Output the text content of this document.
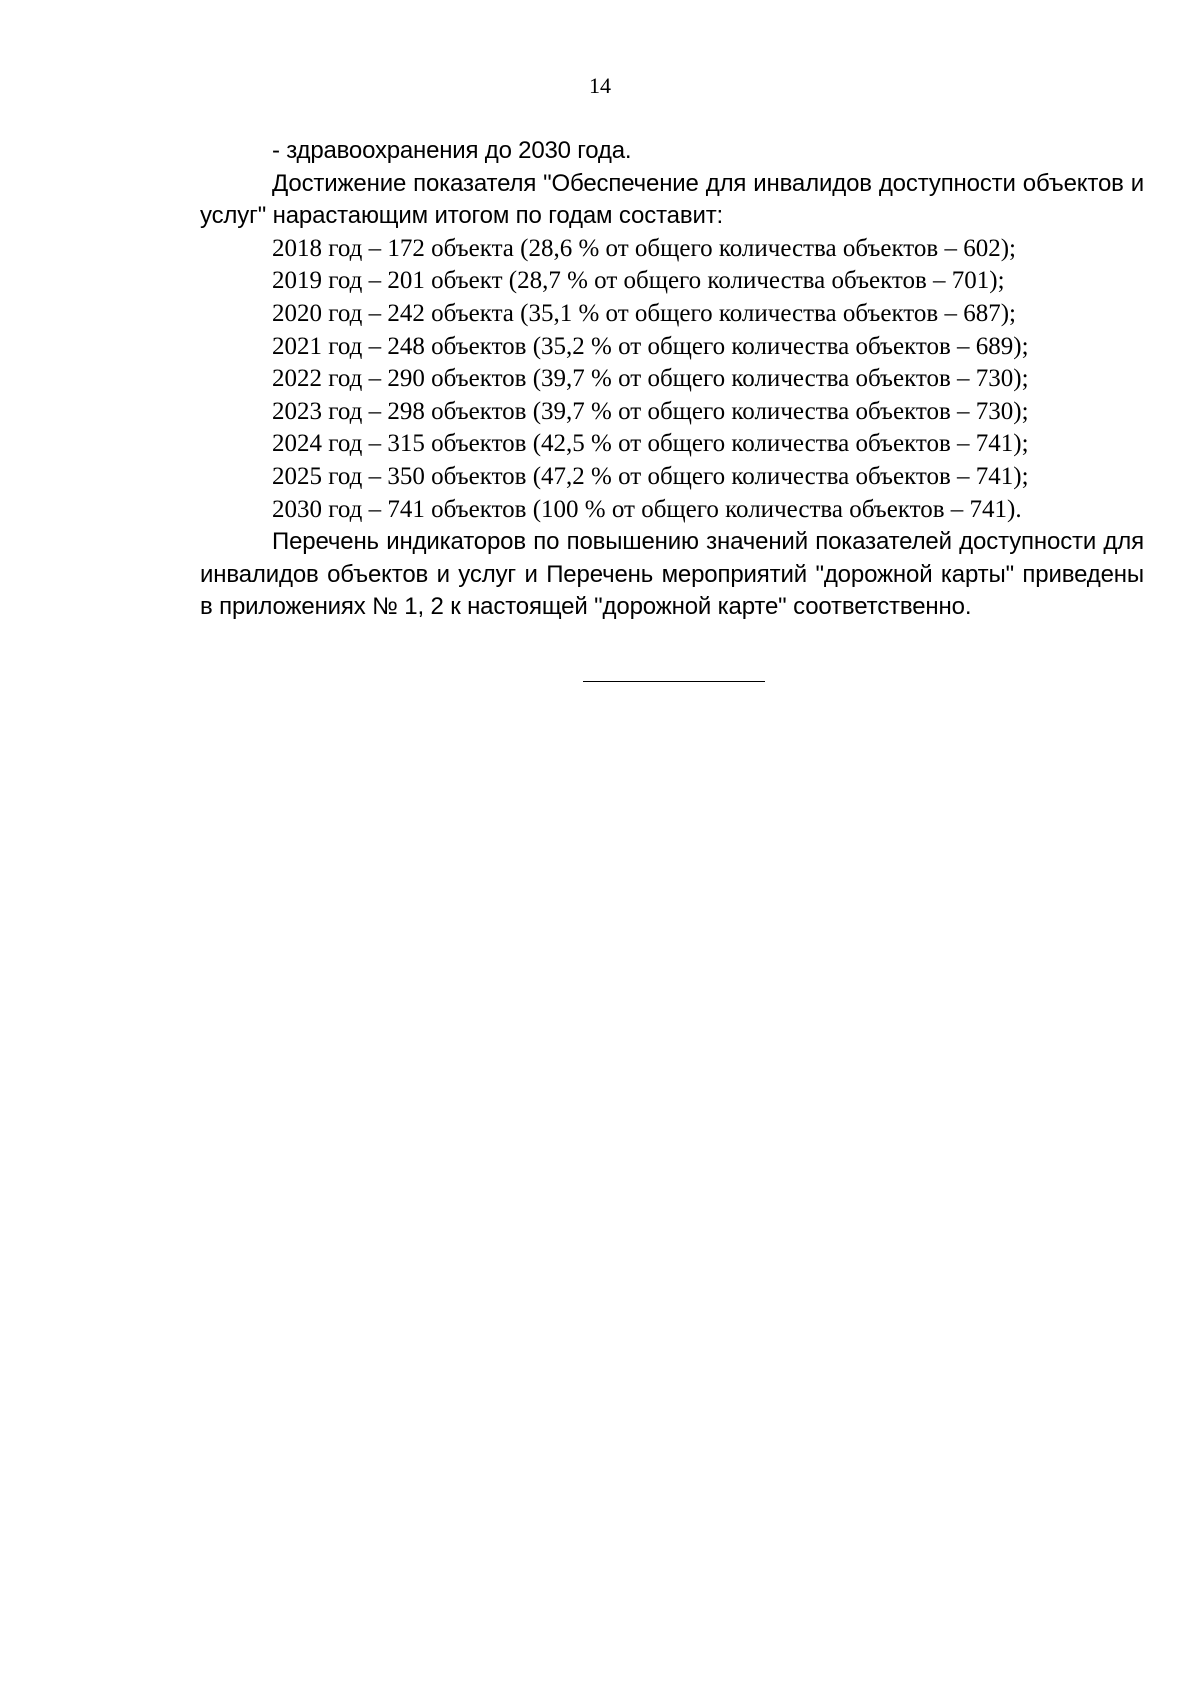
14

- здравоохранения до 2030 года.

Достижение показателя "Обеспечение для инвалидов доступности объектов и услуг" нарастающим итогом по годам составит:

2018 год – 172 объекта (28,6 % от общего количества объектов – 602);

2019 год – 201 объект (28,7 % от общего количества объектов – 701);

2020 год – 242 объекта (35,1 % от общего количества объектов – 687);

2021 год – 248 объектов (35,2 % от общего количества объектов – 689);

2022 год – 290 объектов (39,7 % от общего количества объектов – 730);

2023 год – 298 объектов (39,7 % от общего количества объектов – 730);

2024 год – 315 объектов (42,5 % от общего количества объектов – 741);

2025 год – 350 объектов (47,2 % от общего количества объектов – 741);

2030 год – 741 объектов (100 % от общего количества объектов – 741).

Перечень индикаторов по повышению значений показателей доступности для инвалидов объектов и услуг и Перечень мероприятий "дорожной карты" приведены в приложениях № 1, 2 к настоящей "дорожной карте" соответственно.
